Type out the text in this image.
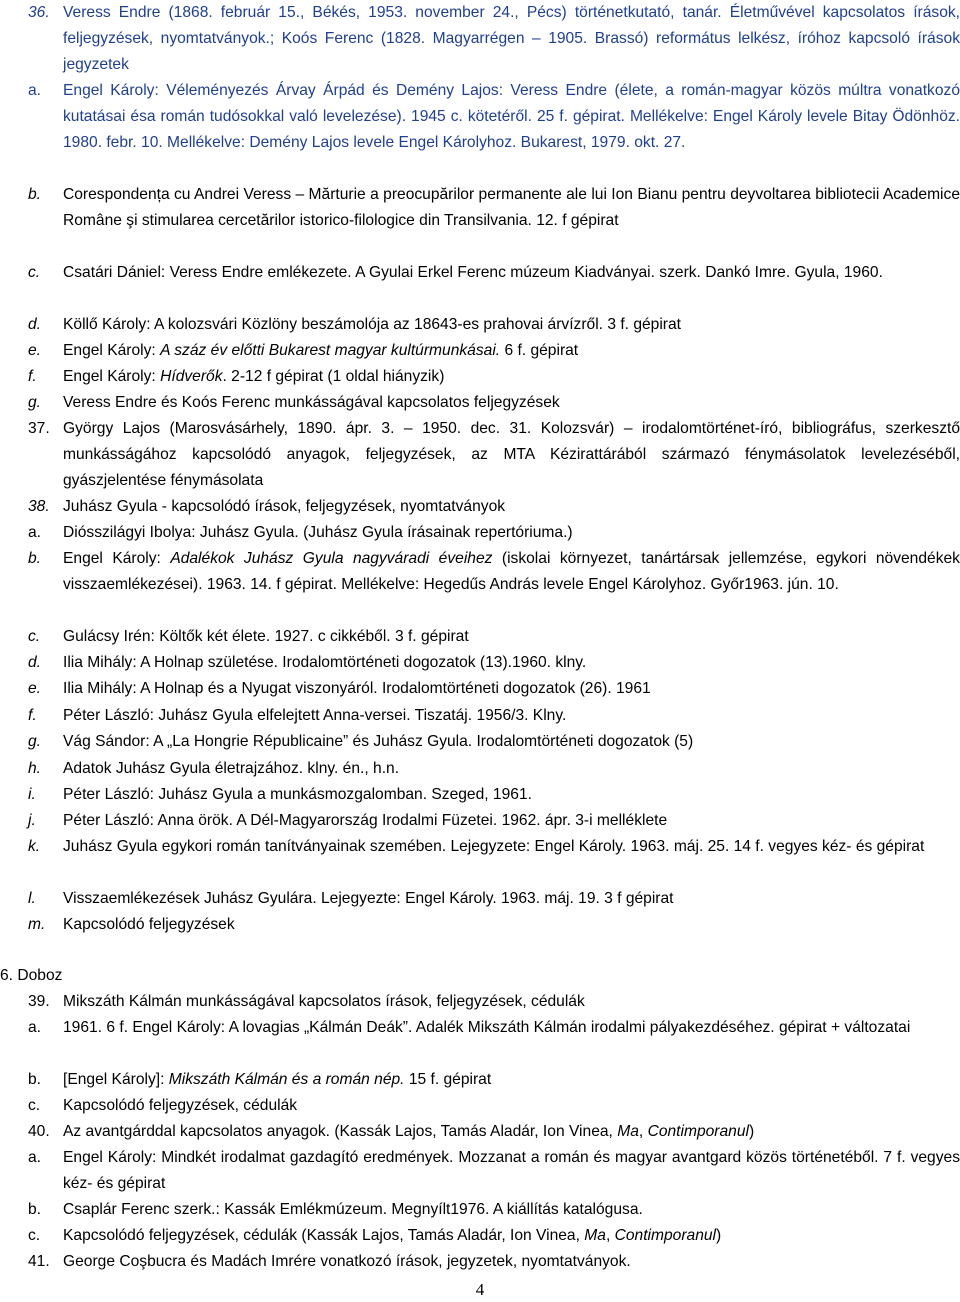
36. Veress Endre (1868. február 15., Békés, 1953. november 24., Pécs) történetkutató, tanár. Életművével kapcsolatos írások, feljegyzések, nyomtatványok.; Koós Ferenc (1828. Magyarrégen – 1905. Brassó) református lelkész, íróhoz kapcsoló írások jegyzetek
a.	Engel Károly: Véleményezés Árvay Árpád és Demény Lajos: Veress Endre (élete, a román-magyar közös múltra vonatkozó kutatásai ésa román tudósokkal való levelezése). 1945 c. kötetéről. 25 f. gépirat. Mellékelve: Engel Károly levele Bitay Ödönhöz. 1980. febr. 10. Mellékelve: Demény Lajos levele Engel Károlyhoz. Bukarest, 1979. okt. 27.
b.	Corespondența cu Andrei Veress – Mărturie a preocupărilor permanente ale lui Ion Bianu pentru deyvoltarea bibliotecii Academice Române şi stimularea cercetărilor istorico-filologice din Transilvania. 12. f gépirat
c.	Csatári Dániel: Veress Endre emlékezete. A Gyulai Erkel Ferenc múzeum Kiadványai. szerk. Dankó Imre. Gyula, 1960.
d.	Köllő Károly: A kolozsvári Közlöny beszámolója az 18643-es prahovai árvízről. 3 f. gépirat
e.	Engel Károly: A száz év előtti Bukarest magyar kultúrmunkásai. 6 f. gépirat
f.	Engel Károly: Hídverők. 2-12 f gépirat (1 oldal hiányzik)
g.	Veress Endre és Koós Ferenc munkásságával kapcsolatos feljegyzések
37. György Lajos (Marosvásárhely, 1890. ápr. 3. – 1950. dec. 31. Kolozsvár) – irodalomtörténet-író, bibliográfus, szerkesztő munkásságához kapcsolódó anyagok, feljegyzések, az MTA Kézirattárából származó fénymásolatok levelezéséből, gyászjelentése fénymásolata
38. Juhász Gyula - kapcsolódó írások, feljegyzések, nyomtatványok
a.	Diósszilágyi Ibolya: Juhász Gyula. (Juhász Gyula írásainak repertóriuma.)
b.	Engel Károly: Adalékok Juhász Gyula nagyváradi éveihez (iskolai környezet, tanártársak jellemzése, egykori növendékek visszaemlékezései). 1963. 14. f gépirat. Mellékelve: Hegedűs András levele Engel Károlyhoz. Győr1963. jún. 10.
c.	Gulácsy Irén: Költők két élete. 1927. c cikkéből. 3 f. gépirat
d.	Ilia Mihály: A Holnap születése. Irodalomtörténeti dogozatok (13).1960. klny.
e.	Ilia Mihály: A Holnap és a Nyugat viszonyáról. Irodalomtörténeti dogozatok (26). 1961
f.	Péter László: Juhász Gyula elfelejtett Anna-versei. Tiszatáj. 1956/3. Klny.
g.	Vág Sándor: A „La Hongrie Républicaine” és Juhász Gyula. Irodalomtörténeti dogozatok (5)
h.	Adatok Juhász Gyula életrajzához. klny. én., h.n.
i.	Péter László: Juhász Gyula a munkásmozgalomban. Szeged, 1961.
j.	Péter László: Anna örök. A Dél-Magyarország Irodalmi Füzetei. 1962. ápr. 3-i melléklete
k.	Juhász Gyula egykori román tanítványainak szemében. Lejegyzete: Engel Károly. 1963. máj. 25. 14 f. vegyes kéz- és gépirat
l.	Visszaemlékezések Juhász Gyulára. Lejegyezte: Engel Károly. 1963. máj. 19. 3 f gépirat
m.	Kapcsolódó feljegyzések
6. Doboz
39. Mikszáth Kálmán munkásságával kapcsolatos írások, feljegyzések, cédulák
a.	1961. 6 f. Engel Károly: A lovagias „Kálmán Deák”. Adalék Mikszáth Kálmán irodalmi pályakezdéséhez. gépirat + változatai
b.	[Engel Károly]: Mikszáth Kálmán és a román nép. 15 f. gépirat
c.	Kapcsolódó feljegyzések, cédulák
40. Az avantgárddal kapcsolatos anyagok. (Kassák Lajos, Tamás Aladár, Ion Vinea, Ma, Contimporanul)
a.	Engel Károly: Mindkét irodalmat gazdagító eredmények. Mozzanat a román és magyar avantgard közös történetéből. 7 f. vegyes kéz- és gépirat
b.	Csaplár Ferenc szerk.: Kassák Emlékmúzeum. Megnyílt1976. A kiállítás katalógusa.
c.	Kapcsolódó feljegyzések, cédulák (Kassák Lajos, Tamás Aladár, Ion Vinea, Ma, Contimporanul)
41. George Coşbucra és Madách Imrére vonatkozó írások, jegyzetek, nyomtatványok.
4
